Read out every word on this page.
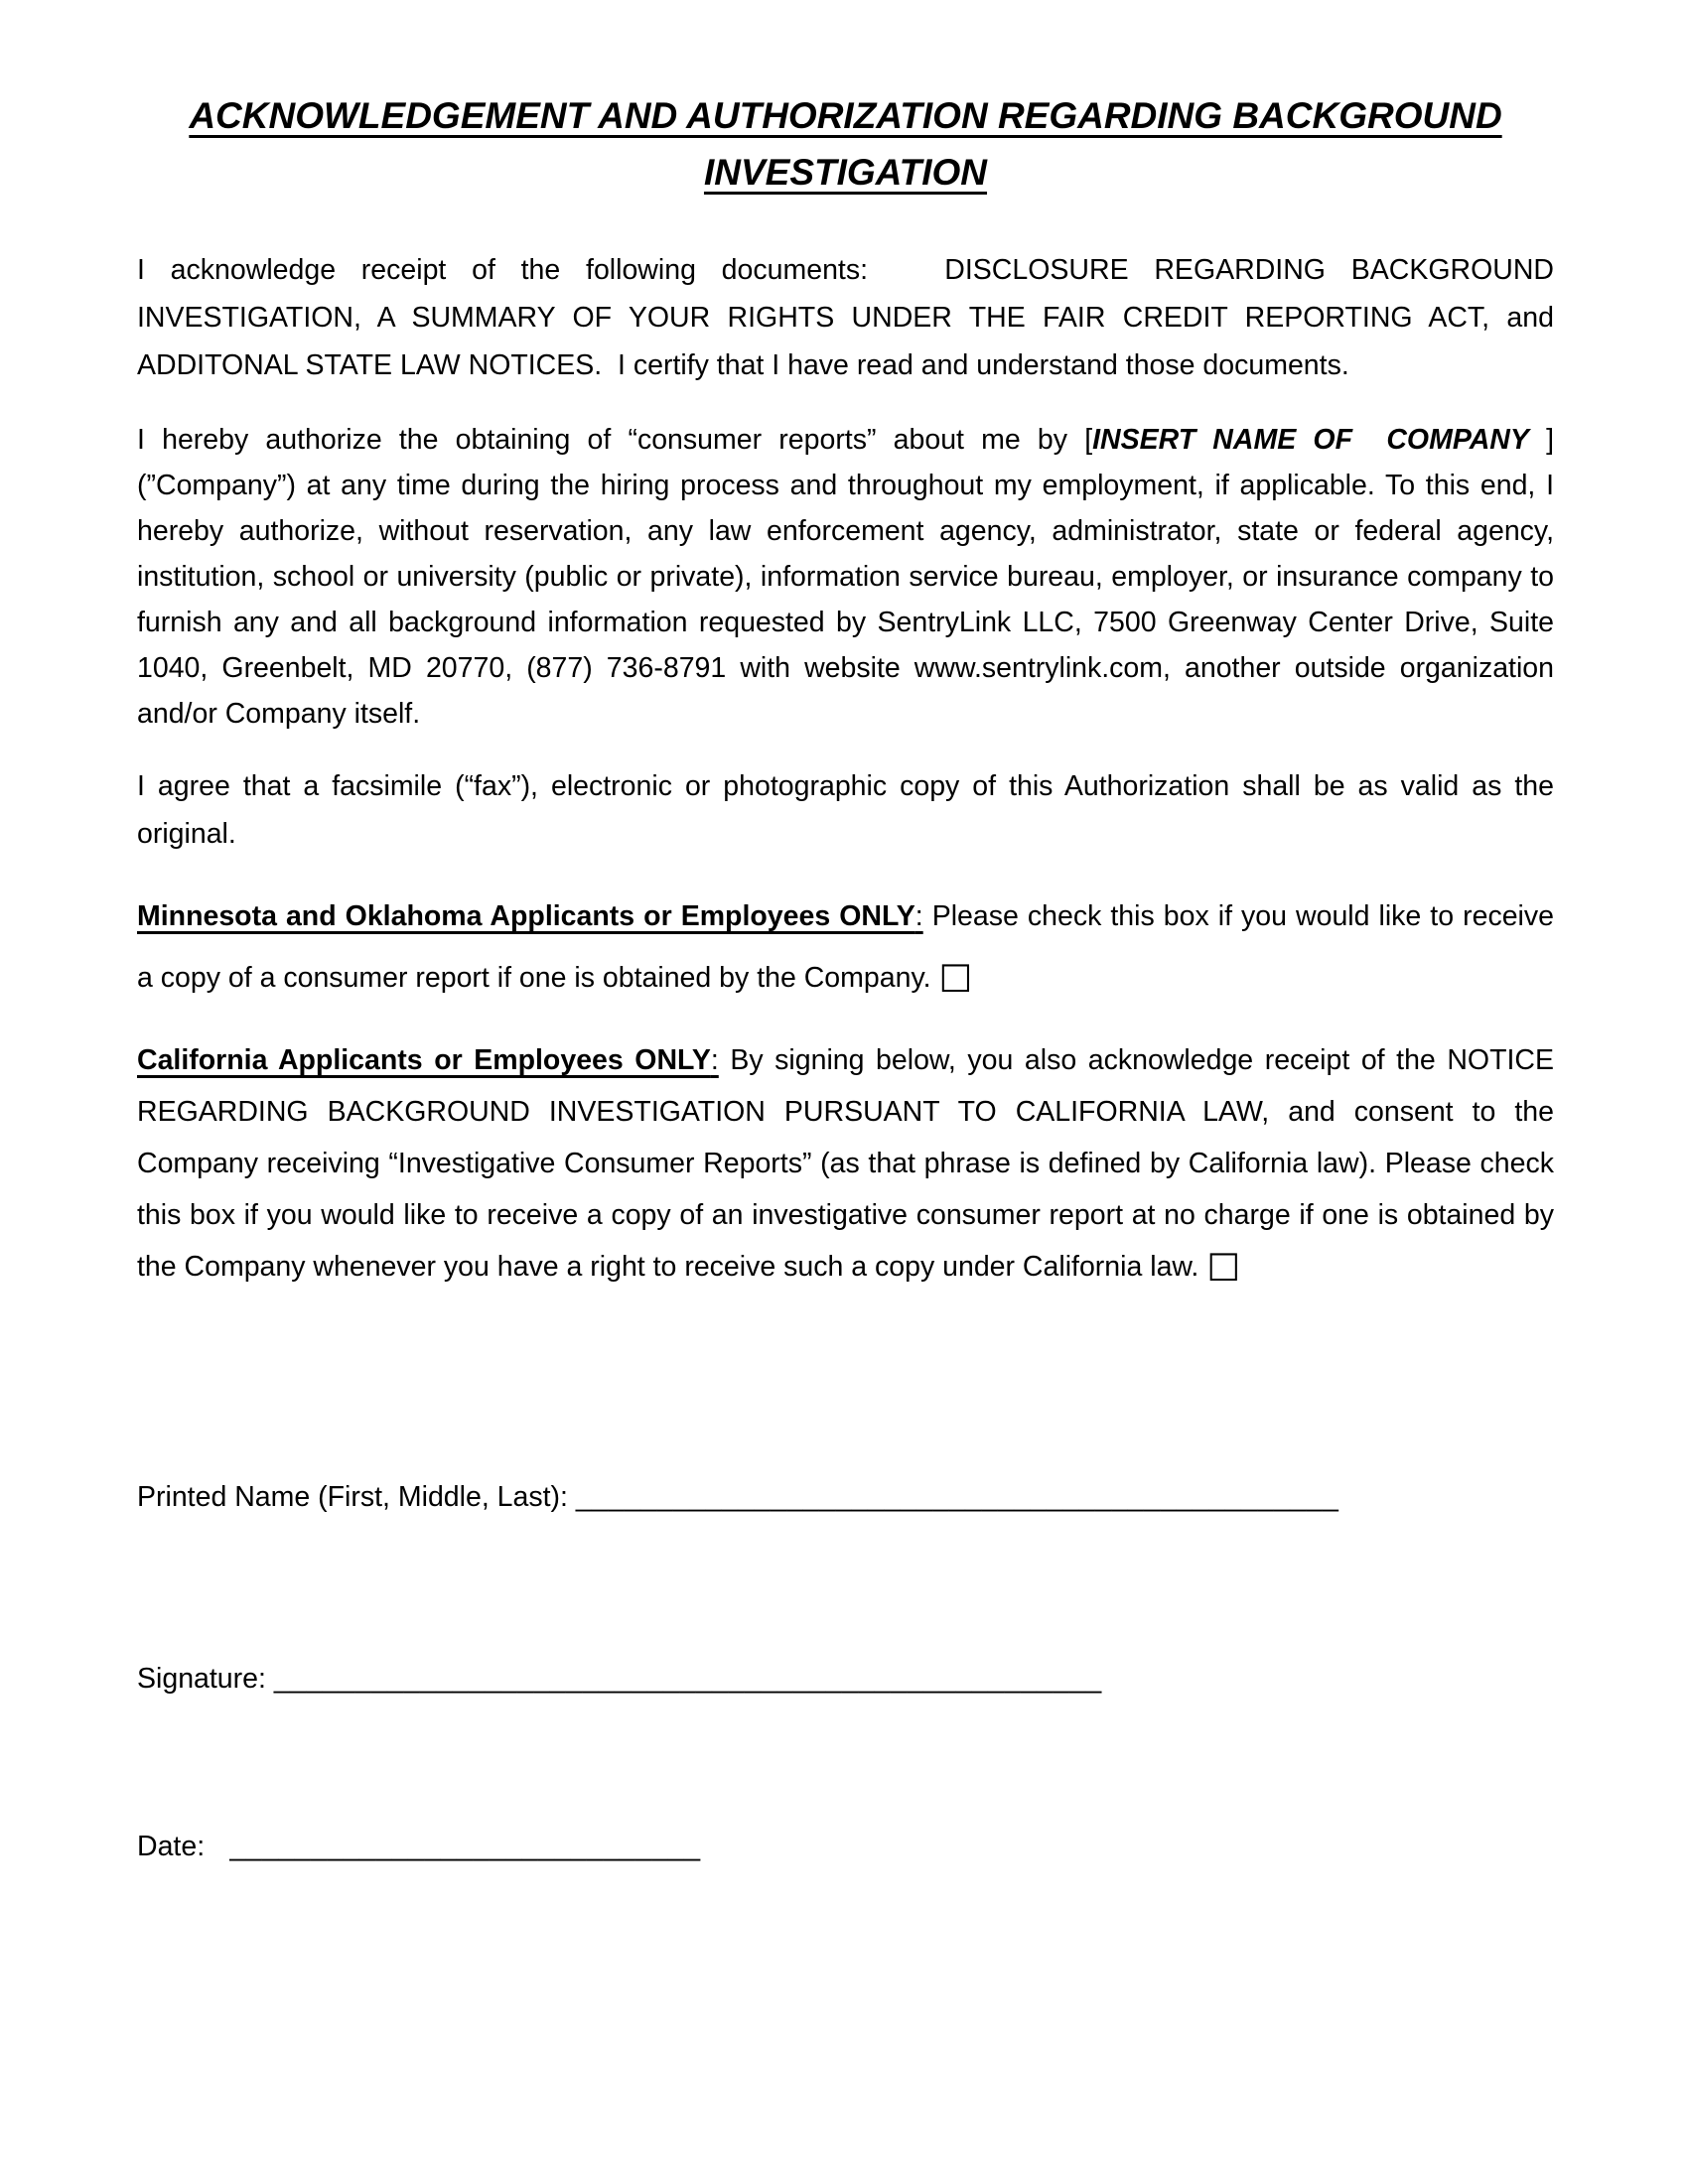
ACKNOWLEDGEMENT AND AUTHORIZATION REGARDING BACKGROUND
INVESTIGATION

I acknowledge receipt of the following documents:   DISCLOSURE REGARDING BACKGROUND INVESTIGATION, A SUMMARY OF YOUR RIGHTS UNDER THE FAIR CREDIT REPORTING ACT, and ADDITONAL STATE LAW NOTICES.  I certify that I have read and understand those documents.

I hereby authorize the obtaining of “consumer reports” about me by [INSERT NAME OF  COMPANY ] (”Company”) at any time during the hiring process and throughout my employment, if applicable. To this end, I hereby authorize, without reservation, any law enforcement agency, administrator, state or federal agency, institution, school or university (public or private), information service bureau, employer, or insurance company to furnish any and all background information requested by SentryLink LLC, 7500 Greenway Center Drive, Suite 1040, Greenbelt, MD 20770, (877) 736-8791 with website www.sentrylink.com, another outside organization and/or Company itself.

I agree that a facsimile (“fax”), electronic or photographic copy of this Authorization shall be as valid as the original.

Minnesota and Oklahoma Applicants or Employees ONLY: Please check this box if you would like to receive a copy of a consumer report if one is obtained by the Company. ☐

California Applicants or Employees ONLY: By signing below, you also acknowledge receipt of the NOTICE REGARDING BACKGROUND INVESTIGATION PURSUANT TO CALIFORNIA LAW, and consent to the Company receiving “Investigative Consumer Reports” (as that phrase is defined by California law). Please check this box if you would like to receive a copy of an investigative consumer report at no charge if one is obtained by the Company whenever you have a right to receive such a copy under California law. ☐

Printed Name (First, Middle, Last): _______________________________________________
Signature: ___________________________________________________
Date:   _____________________________
